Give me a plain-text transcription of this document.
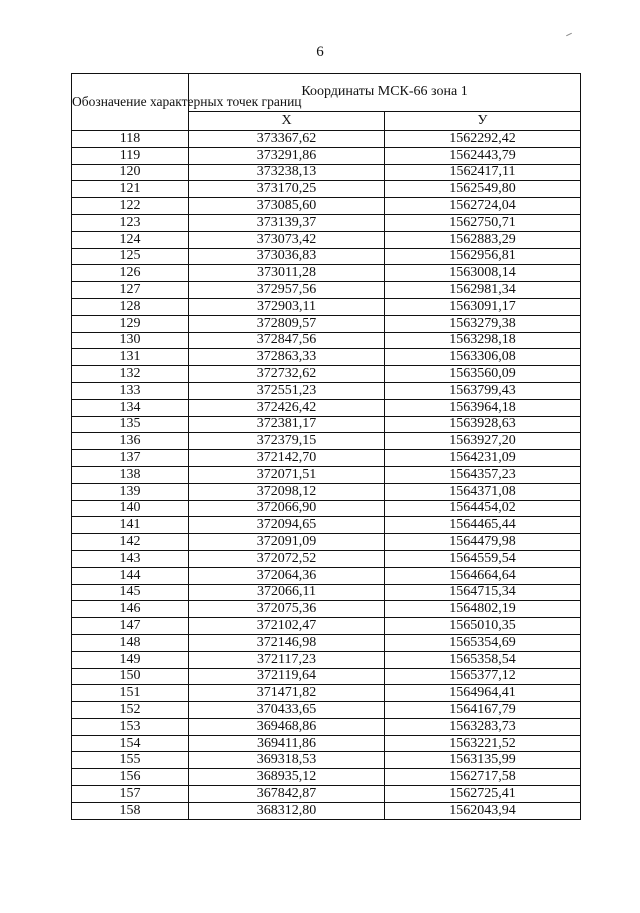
6
Обозначение характерных точек границ	Координаты МСК-66 зона 1	
	X	У
118	373367,62	1562292,42
119	373291,86	1562443,79
120	373238,13	1562417,11
121	373170,25	1562549,80
122	373085,60	1562724,04
123	373139,37	1562750,71
124	373073,42	1562883,29
125	373036,83	1562956,81
126	373011,28	1563008,14
127	372957,56	1562981,34
128	372903,11	1563091,17
129	372809,57	1563279,38
130	372847,56	1563298,18
131	372863,33	1563306,08
132	372732,62	1563560,09
133	372551,23	1563799,43
134	372426,42	1563964,18
135	372381,17	1563928,63
136	372379,15	1563927,20
137	372142,70	1564231,09
138	372071,51	1564357,23
139	372098,12	1564371,08
140	372066,90	1564454,02
141	372094,65	1564465,44
142	372091,09	1564479,98
143	372072,52	1564559,54
144	372064,36	1564664,64
145	372066,11	1564715,34
146	372075,36	1564802,19
147	372102,47	1565010,35
148	372146,98	1565354,69
149	372117,23	1565358,54
150	372119,64	1565377,12
151	371471,82	1564964,41
152	370433,65	1564167,79
153	369468,86	1563283,73
154	369411,86	1563221,52
155	369318,53	1563135,99
156	368935,12	1562717,58
157	367842,87	1562725,41
158	368312,80	1562043,94
